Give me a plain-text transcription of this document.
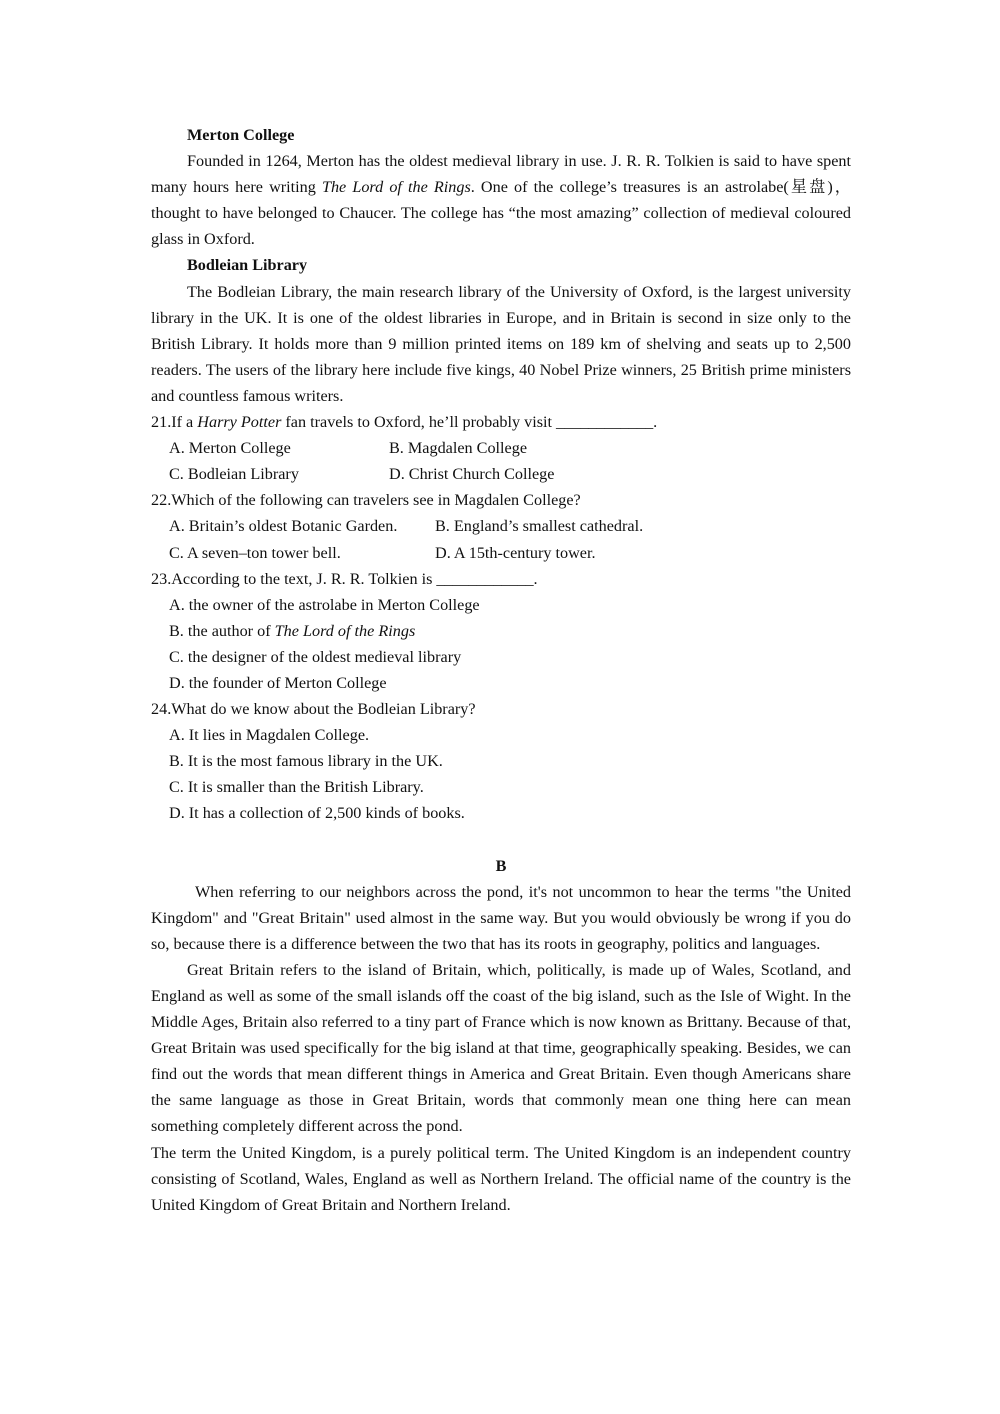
Merton College
Founded in 1264, Merton has the oldest medieval library in use. J. R. R. Tolkien is said to have spent many hours here writing The Lord of the Rings. One of the college’s treasures is an astrolabe(星盘)，thought to have belonged to Chaucer. The college has “the most amazing” collection of medieval coloured glass in Oxford.
Bodleian Library
The Bodleian Library, the main research library of the University of Oxford, is the largest university library in the UK. It is one of the oldest libraries in Europe, and in Britain is second in size only to the British Library. It holds more than 9 million printed items on 189 km of shelving and seats up to 2,500 readers. The users of the library here include five kings, 40 Nobel Prize winners, 25 British prime ministers and countless famous writers.
21.If a Harry Potter fan travels to Oxford, he’ll probably visit ____________.
A. Merton College	B. Magdalen College
C. Bodleian Library	D. Christ Church College
22.Which of the following can travelers see in Magdalen College?
A. Britain’s oldest Botanic Garden.	B. England’s smallest cathedral.
C. A seven–ton tower bell.	D. A 15th-century tower.
23.According to the text, J. R. R. Tolkien is ____________.
A. the owner of the astrolabe in Merton College
B. the author of The Lord of the Rings
C. the designer of the oldest medieval library
D. the founder of Merton College
24.What do we know about the Bodleian Library?
A. It lies in Magdalen College.
B. It is the most famous library in the UK.
C. It is smaller than the British Library.
D. It has a collection of 2,500 kinds of books.
B
When referring to our neighbors across the pond, it's not uncommon to hear the terms "the United Kingdom" and "Great Britain" used almost in the same way. But you would obviously be wrong if you do so, because there is a difference between the two that has its roots in geography, politics and languages.
Great Britain refers to the island of Britain, which, politically, is made up of Wales, Scotland, and England as well as some of the small islands off the coast of the big island, such as the Isle of Wight. In the Middle Ages, Britain also referred to a tiny part of France which is now known as Brittany. Because of that, Great Britain was used specifically for the big island at that time, geographically speaking. Besides, we can find out the words that mean different things in America and Great Britain. Even though Americans share the same language as those in Great Britain, words that commonly mean one thing here can mean something completely different across the pond.
The term the United Kingdom, is a purely political term. The United Kingdom is an independent country consisting of Scotland, Wales, England as well as Northern Ireland. The official name of the country is the United Kingdom of Great Britain and Northern Ireland.
